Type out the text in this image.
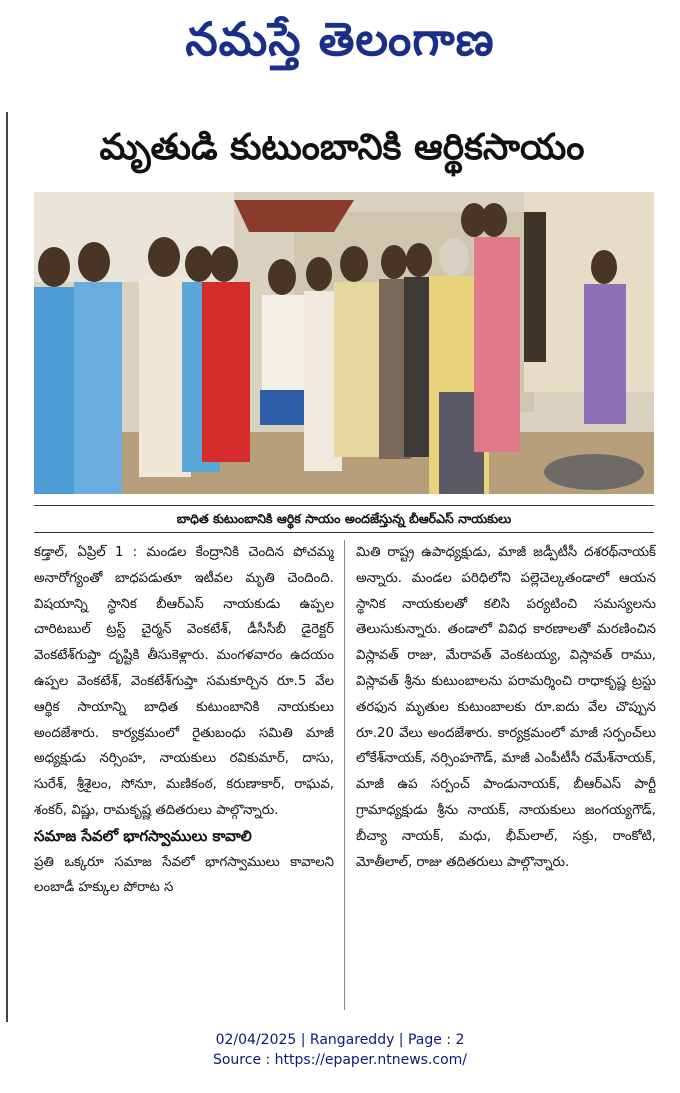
నమస్తే తెలంగాణ
మృతుడి కుటుంబానికి ఆర్థికసాయం
బాధిత కుటుంబానికి ఆర్థిక సాయం అందజేస్తున్న బీఆర్ఎస్ నాయకులు

కడ్తాల్, ఏప్రిల్ 1 : మండల కేంద్రానికి చెందిన పోచమ్మ అనారోగ్యంతో బాధపడుతూ ఇటీవల మృతి చెందింది. విషయాన్ని స్థానిక బీఆర్ఎస్ నాయకుడు ఉప్పల చారిటబుల్ ట్రస్ట్ చైర్మన్ వెంకటేశ్, డీసీసీబీ డైరెక్టర్ వెంకటేశ్‌గుప్తా దృష్టికి తీసుకెళ్లారు. మంగళవారం ఉదయం ఉప్పల వెంకటేశ్, వెంకటేశ్‌గుప్తా సమకూర్చిన రూ.5 వేల ఆర్థిక సాయాన్ని బాధిత కుటుంబానికి నాయకులు అందజేశారు. కార్యక్రమంలో రైతుబంధు సమితి మాజీ అధ్యక్షుడు నర్సింహ, నాయకులు రవికుమార్, దాసు, సురేశ్, శ్రీశైలం, సోనూ, మణికంఠ, కరుణాకార్, రాఘవ, శంకర్, విష్ణు, రామకృష్ణ తదితరులు పాల్గొన్నారు.

సమాజ సేవలో భాగస్వాములు కావాలి

ప్రతి ఒక్కరూ సమాజ సేవలో భాగస్వాములు కావాలని లంబాడీ హక్కుల పోరాట స

మితి రాష్ట్ర ఉపాధ్యక్షుడు, మాజీ జడ్పీటీసీ దశరథ్‌నాయక్ అన్నారు. మండల పరిధిలోని పల్లెచెల్కతండాలో ఆయన స్థానిక నాయకులతో కలిసి పర్యటించి సమస్యలను తెలుసుకున్నారు. తండాలో వివిధ కారణాలతో మరణించిన విస్లావత్ రాజు, మేరావత్ వెంకటయ్య, విస్లావత్ రాము, విస్లావత్ శ్రీను కుటుంబాలను పరామర్శించి రాధాకృష్ణ ట్రస్టు తరఫున మృతుల కుటుంబాలకు రూ.ఐదు వేల చొప్పున రూ.20 వేలు అందజేశారు. కార్యక్రమంలో మాజీ సర్పంచ్‌లు లోకేశ్‌నాయక్, నర్సింహగౌడ్, మాజీ ఎంపీటీసీ రమేశ్‌నాయక్, మాజీ ఉప సర్పంచ్ పాండునాయక్, బీఆర్ఎస్ పార్టీ గ్రామాధ్యక్షుడు శ్రీను నాయక్, నాయకులు జంగయ్యగౌడ్, బీచ్యా నాయక్, మధు, భీమ్‌లాల్, సక్రు, రాంకోటి, మోతీలాల్, రాజు తదితరులు పాల్గొన్నారు.

02/04/2025 | Rangareddy | Page : 2
Source : https://epaper.ntnews.com/
